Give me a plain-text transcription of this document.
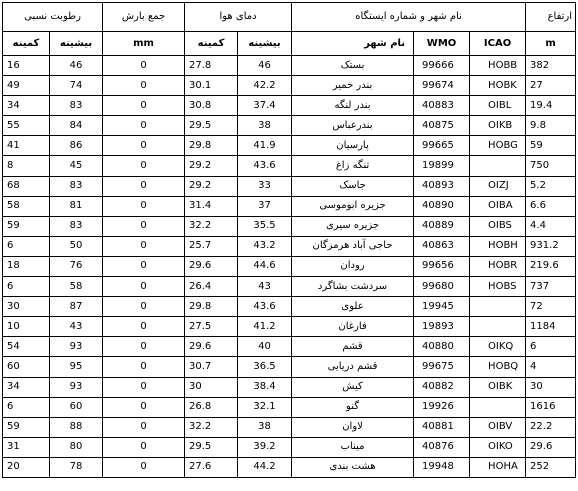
ارتفاع	نام شهر و شماره ایستگاه			دمای هوا		جمع بارش	رطوبت نسبی	
m	ICAO	WMO	نام شهر	بیشینه	کمینه	mm	بیشینه	کمینه
382	HOBB	99666	بستک	46	27.8	0	46	16
27	HOBK	99674	بندر خمیر	42.2	30.1	0	74	49
19.4	OIBL	40883	بندر لنگه	37.4	30.8	0	83	34
9.8	OIKB	40875	بندرعباس	38	29.5	0	84	55
59	HOBG	99665	پارسیان	41.9	29.8	0	86	41
750		19899	تنگه زاغ	43.6	29.2	0	45	8
5.2	OIZJ	40893	جاسک	33	29.2	0	83	68
6.6	OIBA	40890	جزیره ابوموسی	37	31.4	0	81	58
4.4	OIBS	40889	جزیره سیری	35.5	32.2	0	83	59
931.2	HOBH	40863	حاجی آباد هرمزگان	43.2	25.7	0	50	6
219.6	HOBR	99656	رودان	44.6	29.6	0	76	18
737	HOBS	99680	سردشت بشاگرد	43	26.4	0	58	6
72		19945	علوی	43.6	29.8	0	87	30
1184		19893	فارغان	41.2	27.5	0	43	10
6	OIKQ	40880	قشم	40	29.6	0	93	54
4	HOBQ	99675	قشم دریایی	36.5	30.7	0	95	60
30	OIBK	40882	کیش	38.4	30	0	93	34
1616		19926	گنو	32.1	26.8	0	60	6
22.2	OIBV	40881	لاوان	38	32.2	0	88	59
29.6	OIKO	40876	میناب	39.2	29.5	0	80	31
252	HOHA	19948	هشت بندی	44.2	27.6	0	78	20
